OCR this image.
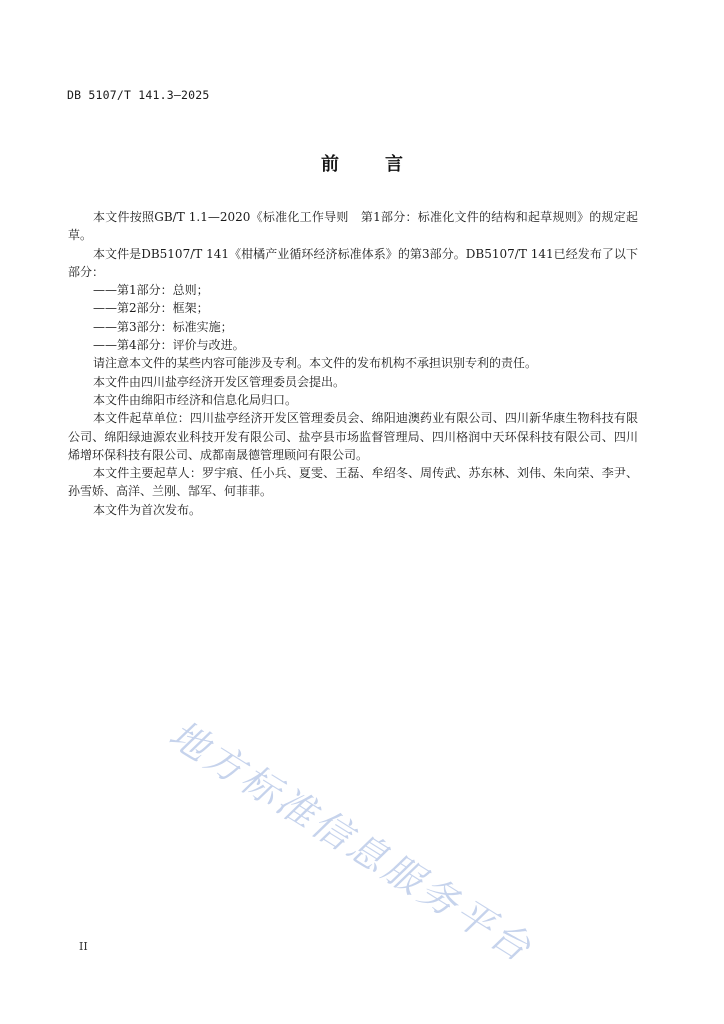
DB 5107/T 141.3—2025
前	言

本文件按照GB/T 1.1—2020《标准化工作导则　第1部分：标准化文件的结构和起草规则》的规定起草。

本文件是DB5107/T 141《柑橘产业循环经济标准体系》的第3部分。DB5107/T 141已经发布了以下部分：

——第1部分：总则；

——第2部分：框架；

——第3部分：标准实施；

——第4部分：评价与改进。

请注意本文件的某些内容可能涉及专利。本文件的发布机构不承担识别专利的责任。

本文件由四川盐亭经济开发区管理委员会提出。

本文件由绵阳市经济和信息化局归口。

本文件起草单位：四川盐亭经济开发区管理委员会、绵阳迪澳药业有限公司、四川新华康生物科技有限公司、绵阳绿迪源农业科技开发有限公司、盐亭县市场监督管理局、四川格润中天环保科技有限公司、四川烯增环保科技有限公司、成都南晟德管理顾问有限公司。

本文件主要起草人：罗宇痕、任小兵、夏雯、王磊、牟绍冬、周传武、苏东林、刘伟、朱向荣、李尹、孙雪娇、高洋、兰刚、郜军、何菲菲。

本文件为首次发布。

地方标准信息服务平台
II
